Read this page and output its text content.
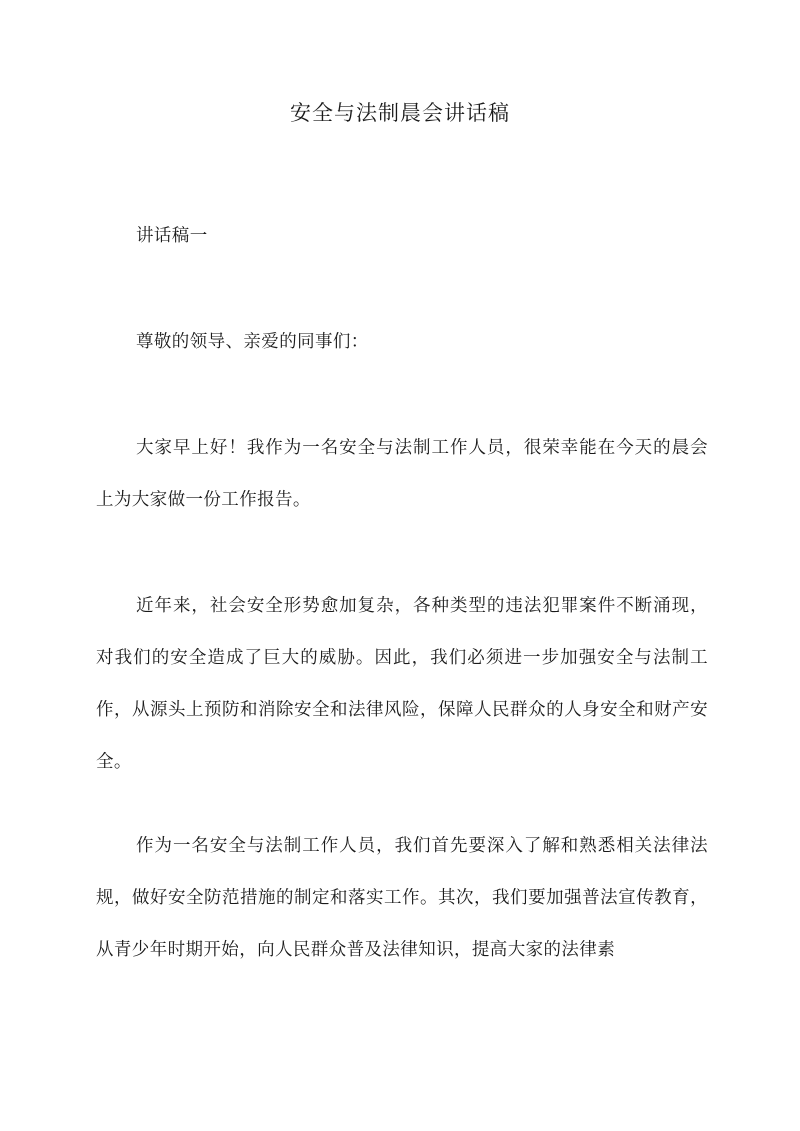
安全与法制晨会讲话稿

讲话稿一

尊敬的领导、亲爱的同事们：

大家早上好！我作为一名安全与法制工作人员，很荣幸能在今天的晨会上为大家做一份工作报告。

近年来，社会安全形势愈加复杂，各种类型的违法犯罪案件不断涌现，对我们的安全造成了巨大的威胁。因此，我们必须进一步加强安全与法制工作，从源头上预防和消除安全和法律风险，保障人民群众的人身安全和财产安全。

作为一名安全与法制工作人员，我们首先要深入了解和熟悉相关法律法规，做好安全防范措施的制定和落实工作。其次，我们要加强普法宣传教育，从青少年时期开始，向人民群众普及法律知识，提高大家的法律素
